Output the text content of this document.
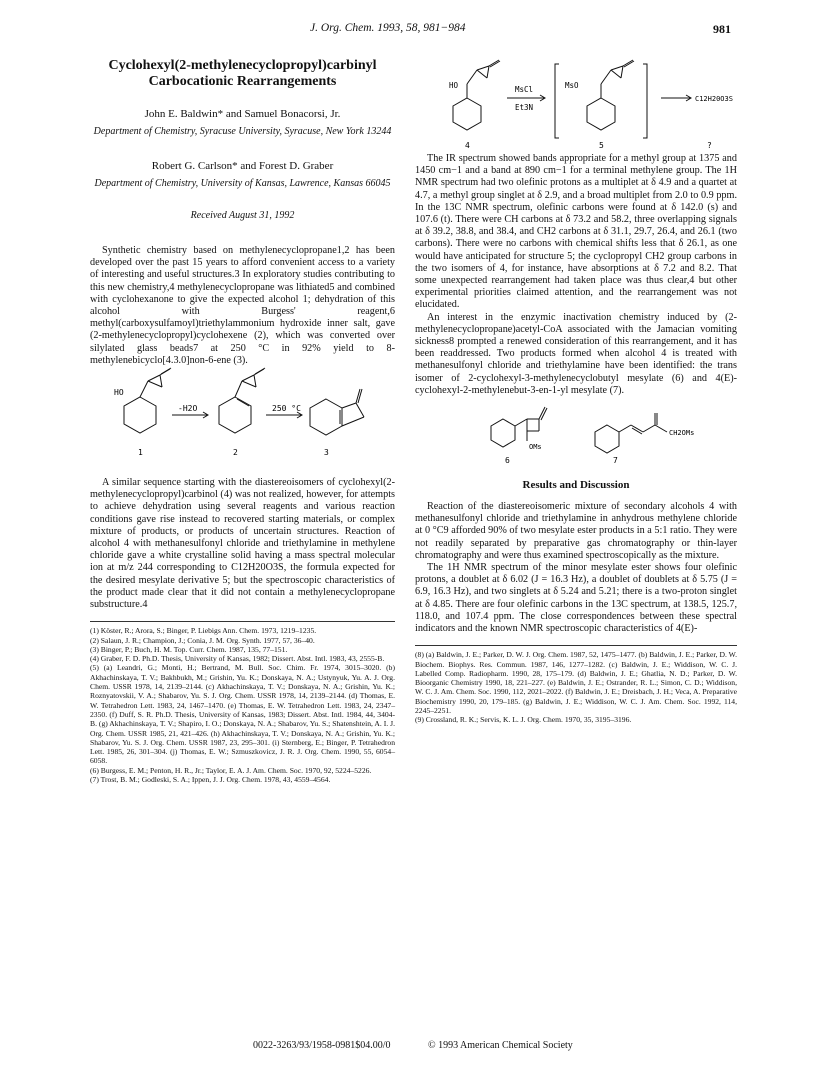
J. Org. Chem. 1993, 58, 981−984	981
Cyclohexyl(2-methylenecyclopropyl)carbinyl Carbocationic Rearrangements

John E. Baldwin* and Samuel Bonacorsi, Jr.

Department of Chemistry, Syracuse University, Syracuse, New York 13244

Robert G. Carlson* and Forest D. Graber

Department of Chemistry, University of Kansas, Lawrence, Kansas 66045

Received August 31, 1992

Synthetic chemistry based on methylenecyclopropane1,2 has been developed over the past 15 years to afford convenient access to a variety of interesting and useful structures.3 In exploratory studies contributing to this new chemistry,4 methylenecyclopropane was lithiated5 and combined with cyclohexanone to give the expected alcohol 1; dehydration of this alcohol with Burgess' reagent,6 methyl(carboxysulfamoyl)triethylammonium hydroxide inner salt, gave (2-methylenecyclopropyl)cyclohexene (2), which was converted over silylated glass beads7 at 250 °C in 92% yield to 8-methylenebicyclo[4.3.0]non-6-ene (3).

HO
-H2O	250 °C
1	2	3

A similar sequence starting with the diastereoisomers of cyclohexyl(2-methylenecyclopropyl)carbinol (4) was not realized, however, for attempts to achieve dehydration using several reagents and various reaction conditions gave rise instead to recovered starting materials, or complex mixture of products, or products of uncertain structures. Reaction of alcohol 4 with methanesulfonyl chloride and triethylamine in methylene chloride gave a white crystalline solid having a mass spectral molecular ion at m/z 244 corresponding to C12H20O3S, the formula expected for the desired mesylate derivative 5; but the spectroscopic characteristics of the product made clear that it did not contain a methylenecyclopropane substructure.4

(1) Köster, R.; Arora, S.; Binger, P. Liebigs Ann. Chem. 1973, 1219–1235.

(2) Salaun, J. R.; Champion, J.; Conia, J. M. Org. Synth. 1977, 57, 36–40.

(3) Binger, P.; Buch, H. M. Top. Curr. Chem. 1987, 135, 77–151.

(4) Graber, F. D. Ph.D. Thesis, University of Kansas, 1982; Dissert. Abst. Intl. 1983, 43, 2555-B.

(5) (a) Leandri, G.; Monti, H.; Bertrand, M. Bull. Soc. Chim. Fr. 1974, 3015–3020. (b) Akhachinskaya, T. V.; Bakhbukh, M.; Grishin, Yu. K.; Donskaya, N. A.; Ustynyuk, Yu. A. J. Org. Chem. USSR 1978, 14, 2139–2144. (c) Akhachinskaya, T. V.; Donskaya, N. A.; Grishin, Yu. K.; Roznyatovskii, V. A.; Shabarov, Yu. S. J. Org. Chem. USSR 1978, 14, 2139–2144. (d) Thomas, E. W. Tetrahedron Lett. 1983, 24, 1467–1470. (e) Thomas, E. W. Tetrahedron Lett. 1983, 24, 2347–2350. (f) Duff, S. R. Ph.D. Thesis, University of Kansas, 1983; Dissert. Abst. Intl. 1984, 44, 3404-B. (g) Akhachinskaya, T. V.; Shapiro, I. O.; Donskaya, N. A.; Shabarov, Yu. S.; Shatenshtein, A. I. J. Org. Chem. USSR 1985, 21, 421–426. (h) Akhachinskaya, T. V.; Donskaya, N. A.; Grishin, Yu. K.; Shabarov, Yu. S. J. Org. Chem. USSR 1987, 23, 295–301. (i) Sternberg, E.; Binger, P. Tetrahedron Lett. 1985, 26, 301–304. (j) Thomas, E. W.; Szmuszkovicz, J. R. J. Org. Chem. 1990, 55, 6054–6058.

(6) Burgess, E. M.; Penton, H. R., Jr.; Taylor, E. A. J. Am. Chem. Soc. 1970, 92, 5224–5226.

(7) Trost, B. M.; Godleski, S. A.; Ippen, J. J. Org. Chem. 1978, 43, 4559–4564.

HO	MsO
MsCl
Et3N
C12H20O3S
4	5	?

The IR spectrum showed bands appropriate for a methyl group at 1375 and 1450 cm−1 and a band at 890 cm−1 for a terminal methylene group. The 1H NMR spectrum had two olefinic protons as a multiplet at δ 4.9 and a quartet at 4.7, a methyl group singlet at δ 2.9, and a broad multiplet from 2.0 to 0.9 ppm. In the 13C NMR spectrum, olefinic carbons were found at δ 142.0 (s) and 107.6 (t). There were CH carbons at δ 73.2 and 58.2, three overlapping signals at δ 39.2, 38.8, and 38.4, and CH2 carbons at δ 31.1, 29.7, 26.4, and 26.1 (two carbons). There were no carbons with chemical shifts less that δ 26.1, as one would have anticipated for structure 5; the cyclopropyl CH2 group carbons in the two isomers of 4, for instance, have absorptions at δ 7.2 and 8.2. That some unexpected rearrangement had taken place was thus clear,4 but other experimental priorities claimed attention, and the rearrangement was not elucidated.

An interest in the enzymic inactivation chemistry induced by (2-methylenecyclopropane)acetyl-CoA associated with the Jamacian vomiting sickness8 prompted a renewed consideration of this rearrangement, and it has been readdressed. Two products formed when alcohol 4 is treated with methanesulfonyl chloride and triethylamine have been identified: the trans isomer of 2-cyclohexyl-3-methylenecyclobutyl mesylate (6) and 4(E)-cyclohexyl-2-methylenebut-3-en-1-yl mesylate (7).

OMs
CH2OMs
6	7
Results and Discussion

Reaction of the diastereoisomeric mixture of secondary alcohols 4 with methanesulfonyl chloride and triethylamine in anhydrous methylene chloride at 0 °C9 afforded 90% of two mesylate ester products in a 5:1 ratio. They were not readily separated by preparative gas chromatography or thin-layer chromatography and were thus examined spectroscopically as the mixture.

The 1H NMR spectrum of the minor mesylate ester shows four olefinic protons, a doublet at δ 6.02 (J = 16.3 Hz), a doublet of doublets at δ 5.75 (J = 6.9, 16.3 Hz), and two singlets at δ 5.24 and 5.21; there is a two-proton singlet at δ 4.85. There are four olefinic carbons in the 13C spectrum, at 138.5, 125.7, 118.0, and 107.4 ppm. The close correspondences between these spectral indicators and the known NMR spectroscopic characteristics of 4(E)-

(8) (a) Baldwin, J. E.; Parker, D. W. J. Org. Chem. 1987, 52, 1475–1477. (b) Baldwin, J. E.; Parker, D. W. Biochem. Biophys. Res. Commun. 1987, 146, 1277–1282. (c) Baldwin, J. E.; Widdison, W. C. J. Labelled Comp. Radiopharm. 1990, 28, 175–179. (d) Baldwin, J. E.; Ghatlia, N. D.; Parker, D. W. Bioorganic Chemistry 1990, 18, 221–227. (e) Baldwin, J. E.; Ostrander, R. L.; Simon, C. D.; Widdison, W. C. J. Am. Chem. Soc. 1990, 112, 2021–2022. (f) Baldwin, J. E.; Dreisbach, J. H.; Veca, A. Preparative Biochemistry 1990, 20, 179–185. (g) Baldwin, J. E.; Widdison, W. C. J. Am. Chem. Soc. 1992, 114, 2245–2251.

(9) Crossland, R. K.; Servis, K. L. J. Org. Chem. 1970, 35, 3195–3196.

0022-3263/93/1958-0981$04.00/0	© 1993 American Chemical Society
